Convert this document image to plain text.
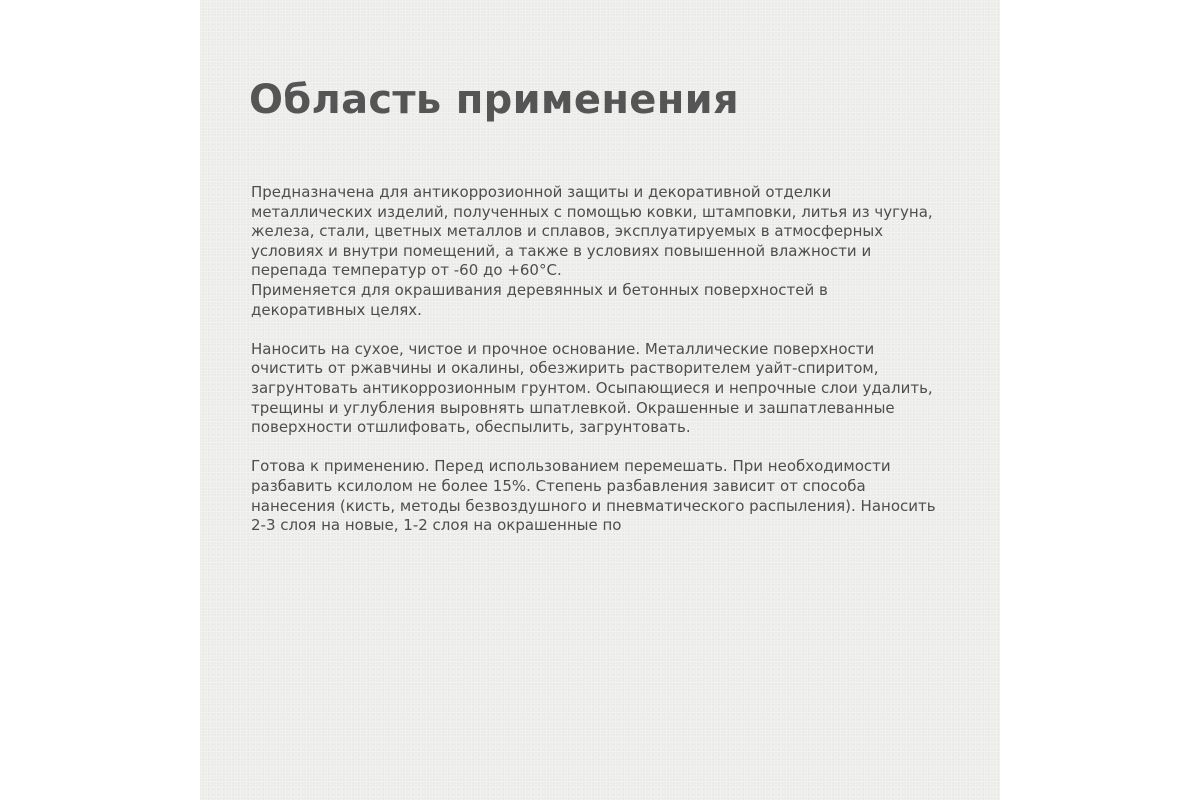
Область применения

Предназначена для антикоррозионной защиты и декоративной отделки
металлических изделий, полученных с помощью ковки, штамповки, литья из чугуна,
железа, стали, цветных металлов и сплавов, эксплуатируемых в атмосферных
условиях и внутри помещений, а также в условиях повышенной влажности и
перепада температур от -60 до +60°С.
Применяется для окрашивания деревянных и бетонных поверхностей в
декоративных целях.

Наносить на сухое, чистое и прочное основание. Металлические поверхности
очистить от ржавчины и окалины, обезжирить растворителем уайт-спиритом,
загрунтовать антикоррозионным грунтом. Осыпающиеся и непрочные слои удалить,
трещины и углубления выровнять шпатлевкой. Окрашенные и зашпатлеванные
поверхности отшлифовать, обеспылить, загрунтовать.

Готова к применению. Перед использованием перемешать. При необходимости
разбавить ксилолом не более 15%. Степень разбавления зависит от способа
нанесения (кисть, методы безвоздушного и пневматического распыления). Наносить
2-3 слоя на новые, 1-2 слоя на окрашенные по
